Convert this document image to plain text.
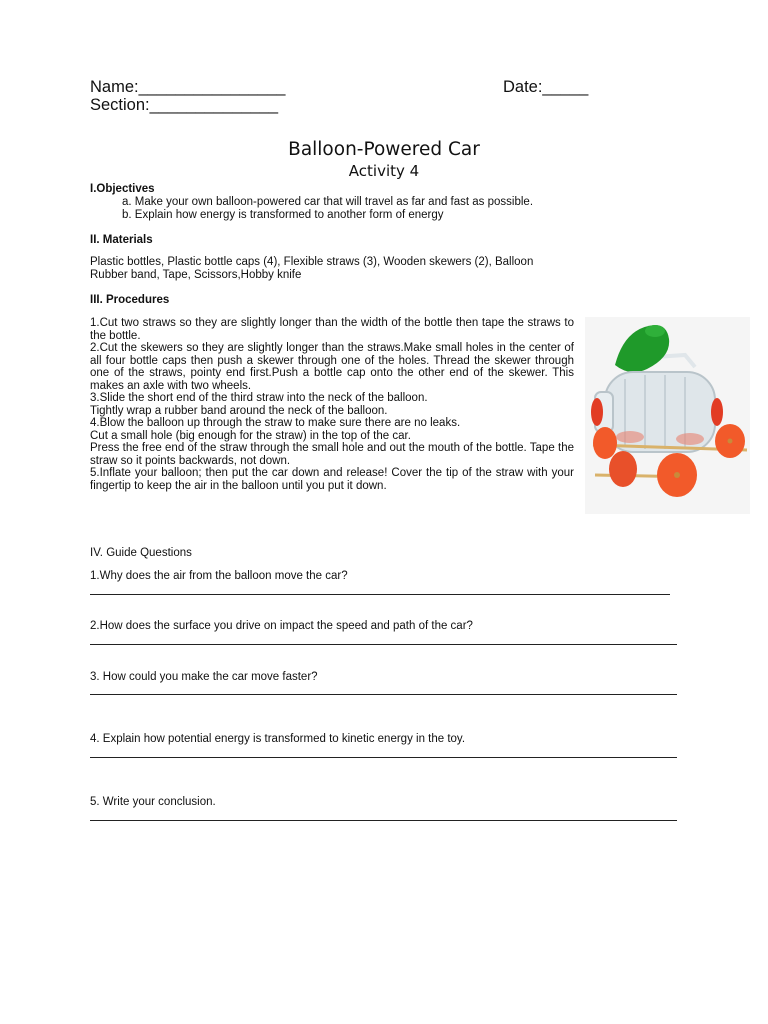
Name:________________	Date:_____
Section:______________
Balloon-Powered Car
Activity 4
I.Objectives
a. Make your own balloon-powered car that will travel as far and fast as possible.
b. Explain how energy is transformed to another form of energy
II. Materials
Plastic bottles, Plastic bottle caps (4), Flexible straws (3), Wooden skewers (2), Balloon Rubber band, Tape, Scissors,Hobby knife
III. Procedures
1.Cut two straws so they are slightly longer than the width of the bottle then tape the straws to the bottle.
2.Cut the skewers so they are slightly longer than the straws.Make small holes in the center of all four bottle caps then push a skewer through one of the holes. Thread the skewer through one of the straws, pointy end first.Push a bottle cap onto the other end of the skewer. This makes an axle with two wheels.
3.Slide the short end of the third straw into the neck of the balloon.
Tightly wrap a rubber band around the neck of the balloon.
4.Blow the balloon up through the straw to make sure there are no leaks.
Cut a small hole (big enough for the straw) in the top of the car.
Press the free end of the straw through the small hole and out the mouth of the bottle. Tape the straw so it points backwards, not down.
5.Inflate your balloon; then put the car down and release! Cover the tip of the straw with your fingertip to keep the air in the balloon until you put it down.
IV. Guide Questions
1.Why does the air from the balloon move the car?
2.How does the surface you drive on impact the speed and path of the car?
3. How could you make the car move faster?
4. Explain how potential energy is transformed to kinetic energy in the toy.
5. Write your conclusion.
